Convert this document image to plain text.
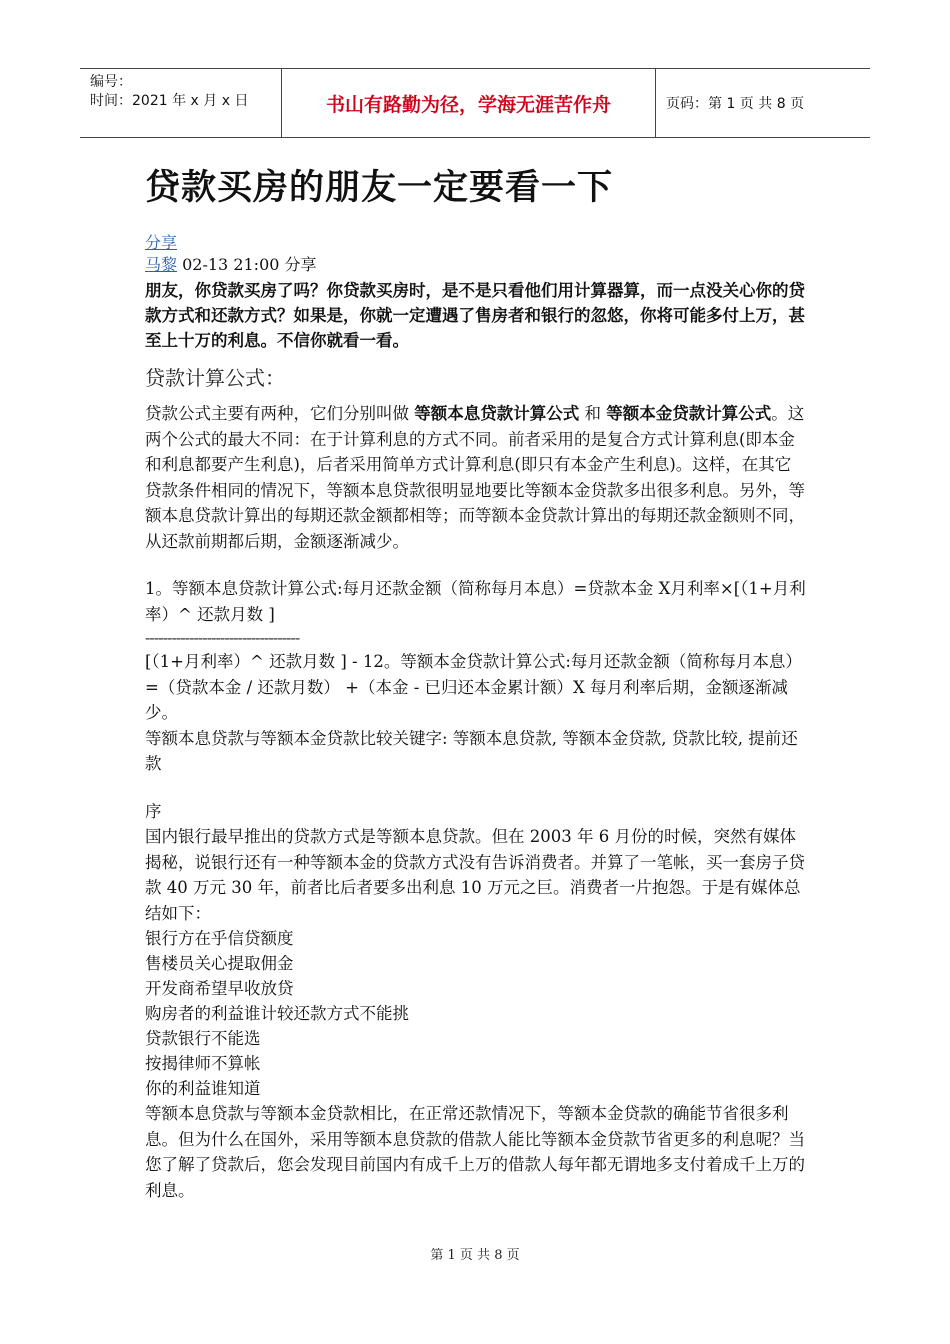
编号：
时间：2021 年 x 月 x 日	书山有路勤为径，学海无涯苦作舟	页码：第 1 页 共 8 页
贷款买房的朋友一定要看一下
分享
马黎 02-13 21:00 分享

朋友，你贷款买房了吗？你贷款买房时，是不是只看他们用计算器算，而一点没关心你的贷款方式和还款方式？如果是，你就一定遭遇了售房者和银行的忽悠，你将可能多付上万，甚至上十万的利息。不信你就看一看。

贷款计算公式：

贷款公式主要有两种，它们分别叫做 等额本息贷款计算公式 和 等额本金贷款计算公式。这两个公式的最大不同：在于计算利息的方式不同。前者采用的是复合方式计算利息(即本金和利息都要产生利息)，后者采用简单方式计算利息(即只有本金产生利息)。这样，在其它贷款条件相同的情况下，等额本息贷款很明显地要比等额本金贷款多出很多利息。另外，等额本息贷款计算出的每期还款金额都相等；而等额本金贷款计算出的每期还款金额则不同，从还款前期都后期，金额逐渐减少。

1。等额本息贷款计算公式:每月还款金额（简称每月本息）=贷款本金 X月利率×[（1+月利率）^ 还款月数 ]

-----------------------------------

[（1+月利率）^ 还款月数 ] - 12。等额本金贷款计算公式:每月还款金额（简称每月本息）=（贷款本金 / 还款月数） +（本金 - 已归还本金累计额）X 每月利率后期，金额逐渐减少。

等额本息贷款与等额本金贷款比较关键字: 等额本息贷款, 等额本金贷款, 贷款比较, 提前还款

序

国内银行最早推出的贷款方式是等额本息贷款。但在 2003 年 6 月份的时候，突然有媒体揭秘，说银行还有一种等额本金的贷款方式没有告诉消费者。并算了一笔帐，买一套房子贷款 40 万元 30 年，前者比后者要多出利息 10 万元之巨。消费者一片抱怨。于是有媒体总结如下：

银行方在乎信贷额度

售楼员关心提取佣金

开发商希望早收放贷

购房者的利益谁计较还款方式不能挑

贷款银行不能选

按揭律师不算帐

你的利益谁知道

等额本息贷款与等额本金贷款相比，在正常还款情况下，等额本金贷款的确能节省很多利息。但为什么在国外，采用等额本息贷款的借款人能比等额本金贷款节省更多的利息呢？当您了解了贷款后，您会发现目前国内有成千上万的借款人每年都无谓地多支付着成千上万的利息。

第 1 页 共 8 页
